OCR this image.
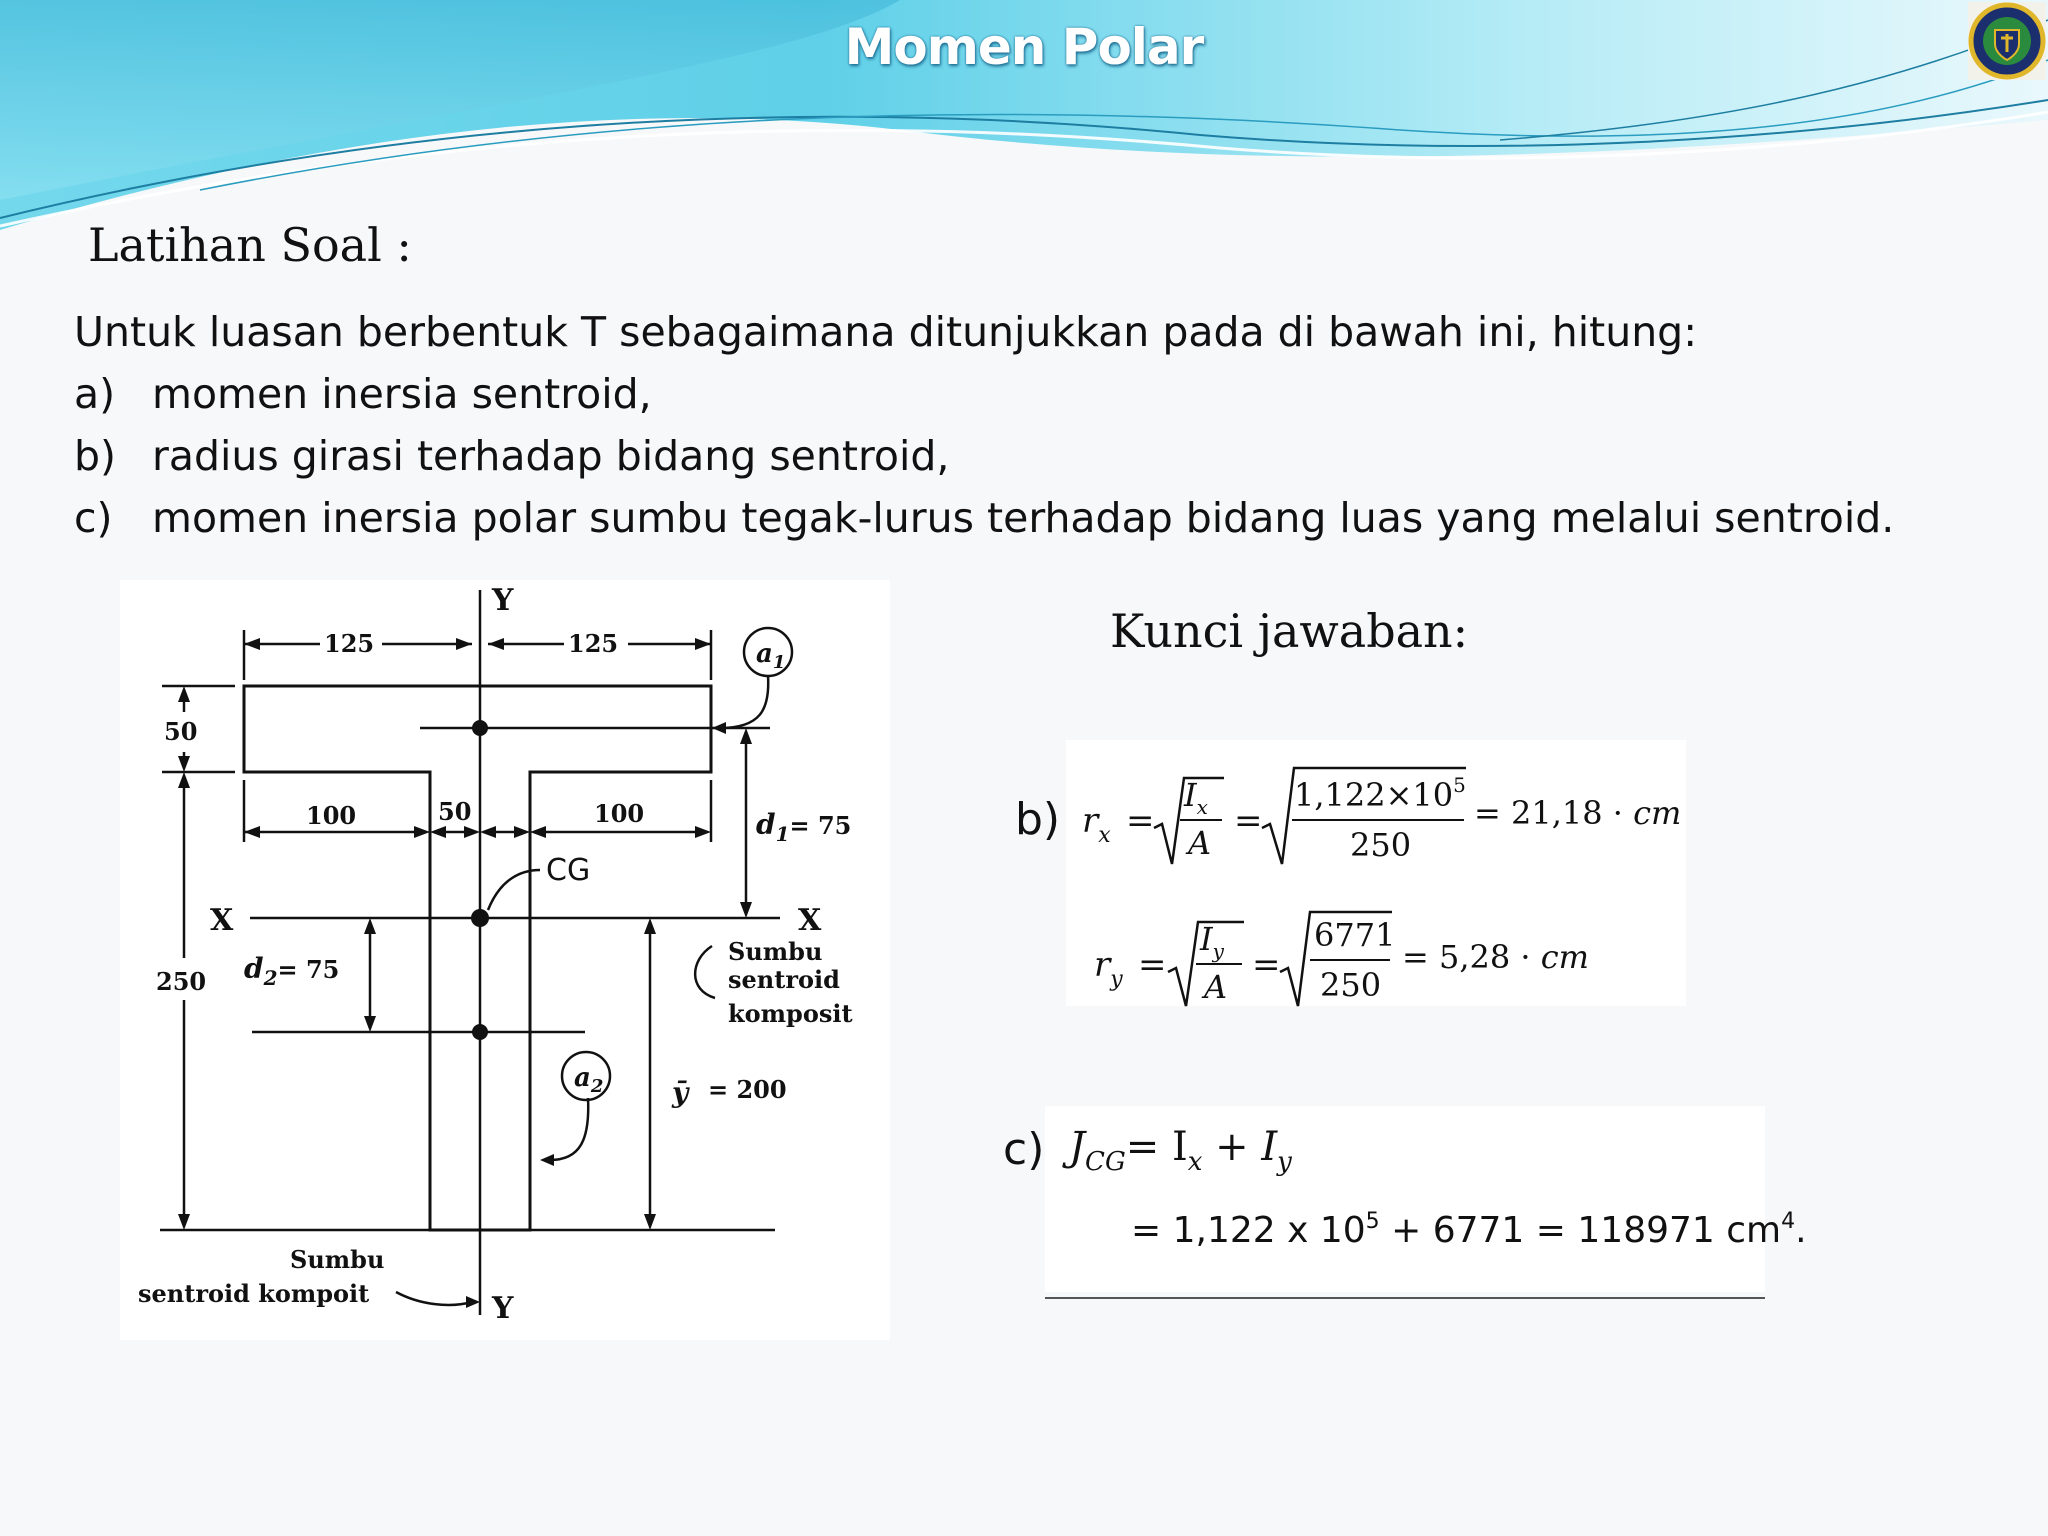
Momen Polar
Latihan Soal :
Untuk luasan berbentuk T sebagaimana ditunjukkan pada di bawah ini, hitung:
a) momen inersia sentroid,
b) radius girasi terhadap bidang sentroid,
c) momen inersia polar sumbu tegak-lurus terhadap bidang luas yang melalui sentroid.
Y
Y
X	X
125	125
50
100	50	100
250
$d_1= 75$
$d_2= 75$
CG
$a_1$
$a_2$ ȳ = 200
Sumbu
sentroid
komposit
Sumbu
sentroid kompoit
Kunci jawaban:
b)
c)
$r_x$ =
$I_x$
A
=
$1,122\times 10^5$
250
= 21,18 · cm
$r_y$ =
$I_y$
A
=
6771
250
= 5,28 · cm
$J_{CG}= I_x + I_y$
= 1,122 x $10^5 + 6771 = 118971$ $cm^4$.
